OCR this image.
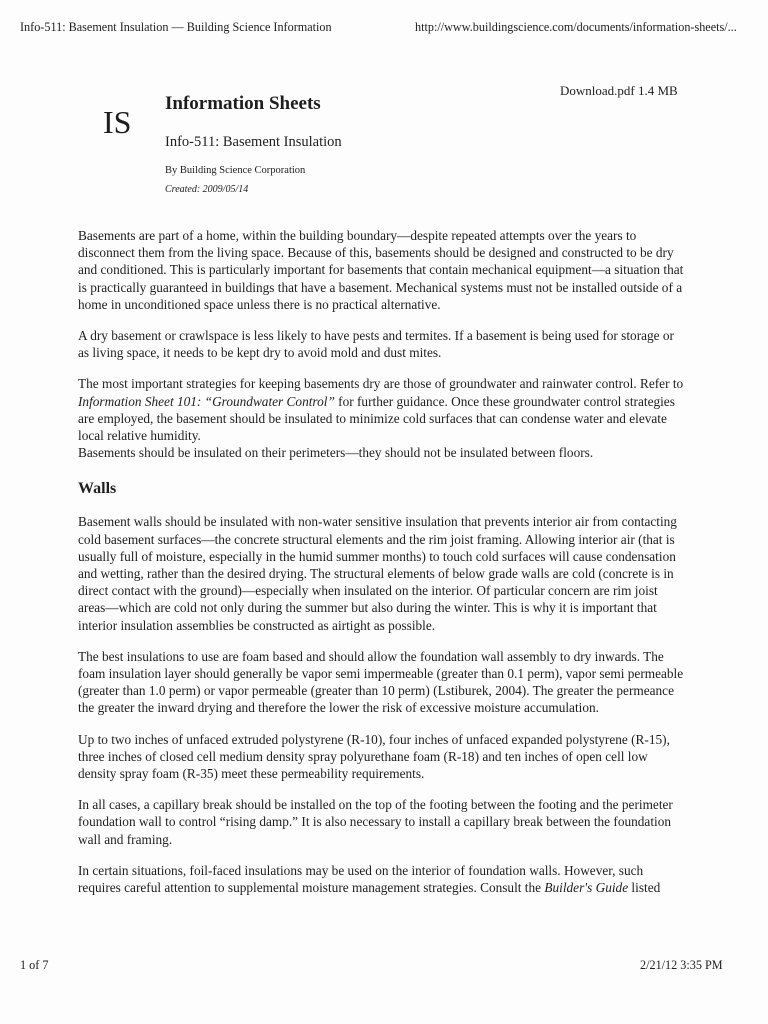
Info-511: Basement Insulation — Building Science Information	http://www.buildingscience.com/documents/information-sheets/...
IS
Download.pdf 1.4 MB
Information Sheets
Info-511: Basement Insulation
By Building Science Corporation
Created: 2009/05/14

Basements are part of a home, within the building boundary—despite repeated attempts over the years to disconnect them from the living space. Because of this, basements should be designed and constructed to be dry and conditioned. This is particularly important for basements that contain mechanical equipment—a situation that is practically guaranteed in buildings that have a basement. Mechanical systems must not be installed outside of a home in unconditioned space unless there is no practical alternative.

A dry basement or crawlspace is less likely to have pests and termites. If a basement is being used for storage or as living space, it needs to be kept dry to avoid mold and dust mites.

The most important strategies for keeping basements dry are those of groundwater and rainwater control. Refer to Information Sheet 101: “Groundwater Control” for further guidance. Once these groundwater control strategies are employed, the basement should be insulated to minimize cold surfaces that can condense water and elevate local relative humidity.

Basements should be insulated on their perimeters—they should not be insulated between floors.

Walls

Basement walls should be insulated with non-water sensitive insulation that prevents interior air from contacting cold basement surfaces—the concrete structural elements and the rim joist framing. Allowing interior air (that is usually full of moisture, especially in the humid summer months) to touch cold surfaces will cause condensation and wetting, rather than the desired drying. The structural elements of below grade walls are cold (concrete is in direct contact with the ground)—especially when insulated on the interior. Of particular concern are rim joist areas—which are cold not only during the summer but also during the winter. This is why it is important that interior insulation assemblies be constructed as airtight as possible.

The best insulations to use are foam based and should allow the foundation wall assembly to dry inwards. The foam insulation layer should generally be vapor semi impermeable (greater than 0.1 perm), vapor semi permeable (greater than 1.0 perm) or vapor permeable (greater than 10 perm) (Lstiburek, 2004). The greater the permeance the greater the inward drying and therefore the lower the risk of excessive moisture accumulation.

Up to two inches of unfaced extruded polystyrene (R-10), four inches of unfaced expanded polystyrene (R-15), three inches of closed cell medium density spray polyurethane foam (R-18) and ten inches of open cell low density spray foam (R-35) meet these permeability requirements.

In all cases, a capillary break should be installed on the top of the footing between the footing and the perimeter foundation wall to control “rising damp.” It is also necessary to install a capillary break between the foundation wall and framing.

In certain situations, foil-faced insulations may be used on the interior of foundation walls. However, such requires careful attention to supplemental moisture management strategies. Consult the Builder's Guide listed

1 of 7	2/21/12 3:35 PM
